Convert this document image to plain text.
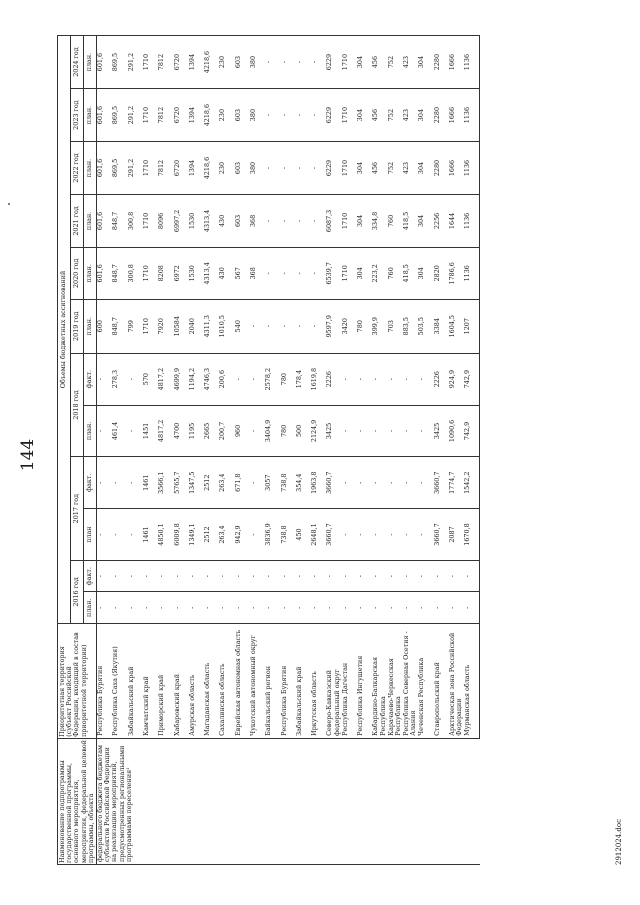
144
2912024.doc
Наименование подпрограммы государственной программы, основного мероприятия, мероприятия, федеральной целевой программы, объекта	Приоритетная территория (субъект Российской Федерации, входящий в состав приоритетной территории)	Объемы бюджетных ассигнований											
		2016 год		2017 год		2018 год		2019 год	2020 год	2021 год	2022 год	2023 год	2024 год
		план.	факт.	план	факт.	план.	факт.	план.	план.	план.	план.	план.	план.

федерального бюджета бюджетам субъектов Российской Федерации на реализацию мероприятий, предусмотренных региональными программами переселения¹	Республика Бурятия	-	-	-	-	-	-	600	601,6	601,6	601,6	601,6	601,6
	Республика Саха (Якутия)	-	-	-	-	461,4	278,3	848,7	848,7	848,7	869,5	869,5	869,5
	Забайкальский край	-	-	-	-	-	-	799	300,8	300,8	291,2	291,2	291,2
	Камчатский край	-	-	1461	1461	1451	570	1710	1710	1710	1710	1710	1710
	Приморский край	-	-	4850,1	3566,1	4817,2	4817,2	7920	8208	8096	7812	7812	7812
	Хабаровский край	-	-	6009,8	5765,7	4700	4699,9	10584	6972	6997,2	6720	6720	6720
	Амурская область	-	-	1349,1	1347,5	1195	1194,2	2040	1530	1530	1394	1394	1394
	Магаданская область	-	-	2512	2512	2665	4746,3	4311,3	4313,4	4313,4	4218,6	4218,6	4218,6
	Сахалинская область	-	-	263,4	263,4	200,7	200,6	1010,5	430	430	230	230	230
	Еврейская автономная область	-	-	942,9	671,8	960	-	540	567	603	603	603	603
	Чукотский автономный округ	-	-	-	-	-	-	-	368	368	380	380	380
	Байкальский регион	-	-	3836,9	3057	3404,9	2578,2	-	-	-	-	-	-
	Республика Бурятия	-	-	738,8	738,8	780	780	-	-	-	-	-	-
	Забайкальский край	-	-	450	354,4	500	178,4	-	-	-	-	-	-
	Иркутская область	-	-	2648,1	1963,8	2124,9	1619,8	-	-	-	-	-	-
	Северо-Кавказский федеральный округ	-	-	3660,7	3660,7	3425	2226	9597,9	6539,7	6087,3	6229	6229	6229
	Республика Дагестан	-	-	-	-	-	-	3420	1710	1710	1710	1710	1710
	Республика Ингушетия	-	-	-	-	-	-	780	304	304	304	304	304
	Кабардино-Балкарская Республика	-	-	-	-	-	-	399,9	223,2	334,8	456	456	456
	Карачаево-Черкесская Республика	-	-	-	-	-	-	703	760	760	752	752	752
	Республика Северная Осетия - Алания	-	-	-	-	-	-	883,5	418,5	418,5	423	423	423
	Чеченская Республика	-	-	-	-	-	-	503,5	304	304	304	304	304
	Ставропольский край	-	-	3660,7	3660,7	3425	2226	3384	2820	2256	2280	2280	2280
	Арктическая зона Российской Федерации	-	-	2087	1774,7	1090,6	924,9	1604,5	1786,6	1644	1666	1666	1666
	Мурманская область	-	-	1670,8	1542,2	742,9	742,9	1207	1136	1136	1136	1136	1136
